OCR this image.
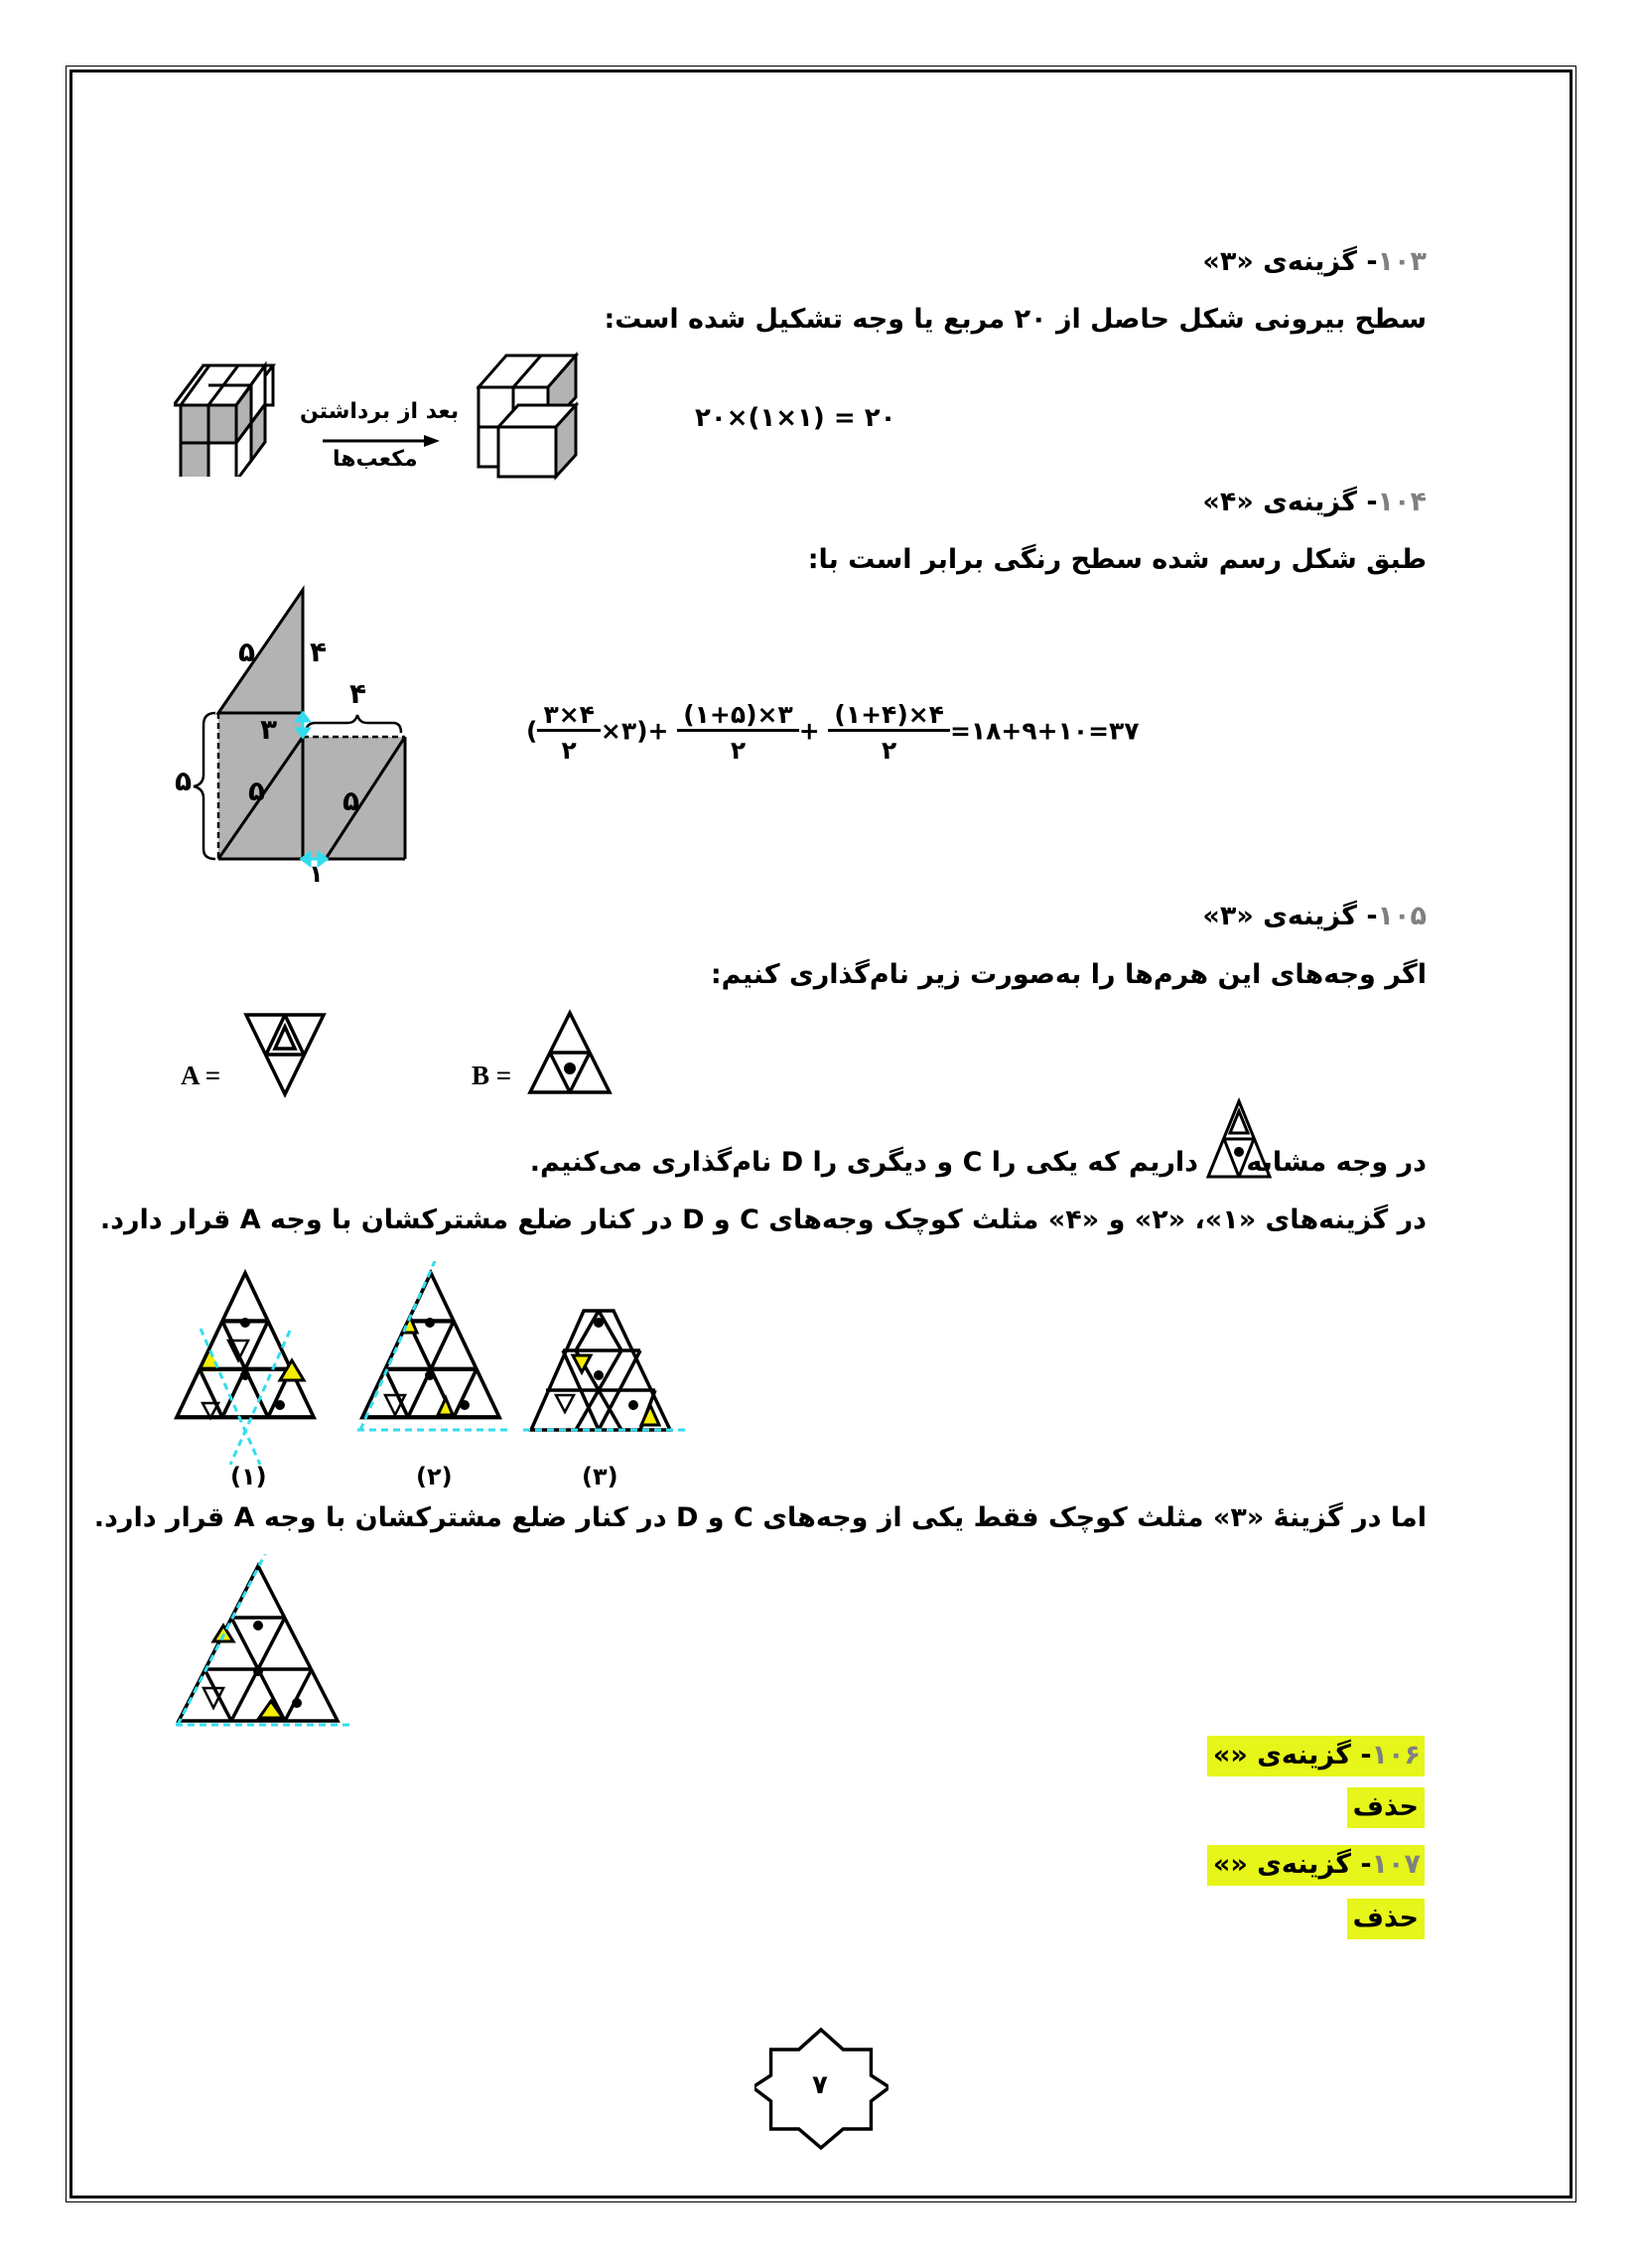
۱۰۳- گزینه‌ی «۳»
سطح بیرونی شکل حاصل از ۲۰ مربع یا وجه تشکیل شده است:
بعد از برداشتن
مکعب‌ها
۲۰×(۱×۱) = ۲۰
۱۰۴- گزینه‌ی «۴»
طبق شکل رسم شده سطح رنگی برابر است با:
۵ ۴
۳
۴
۵ ۵	۵
۱
( $\frac{۳\times ۴}{۲}$ ×۳)+ $\frac{(۱+۵)\times ۳}{۲} + \frac{(۱+۴)\times ۴}{۲}$ =۱۸+۹+۱۰=۳۷
۱۰۵- گزینه‌ی «۳»
اگر وجه‌های این هرم‌ها را به‌صورت زیر نام‌گذاری کنیم:
A =	B =
در وجه مشابه
داریم که یکی را C و دیگری را D نام‌گذاری می‌کنیم.
در گزینه‌های «۱»، «۲» و «۴» مثلث کوچک وجه‌های C و D در کنار ضلع مشترکشان با وجه A قرار دارد.
(۱)	(۲)	(۳)
اما در گزینهٔ «۳» مثلث کوچک فقط یکی از وجه‌های C و D در کنار ضلع مشترکشان با وجه A قرار دارد.
۱۰۶- گزینه‌ی «»
حذف
۱۰۷- گزینه‌ی «»
حذف
۷
